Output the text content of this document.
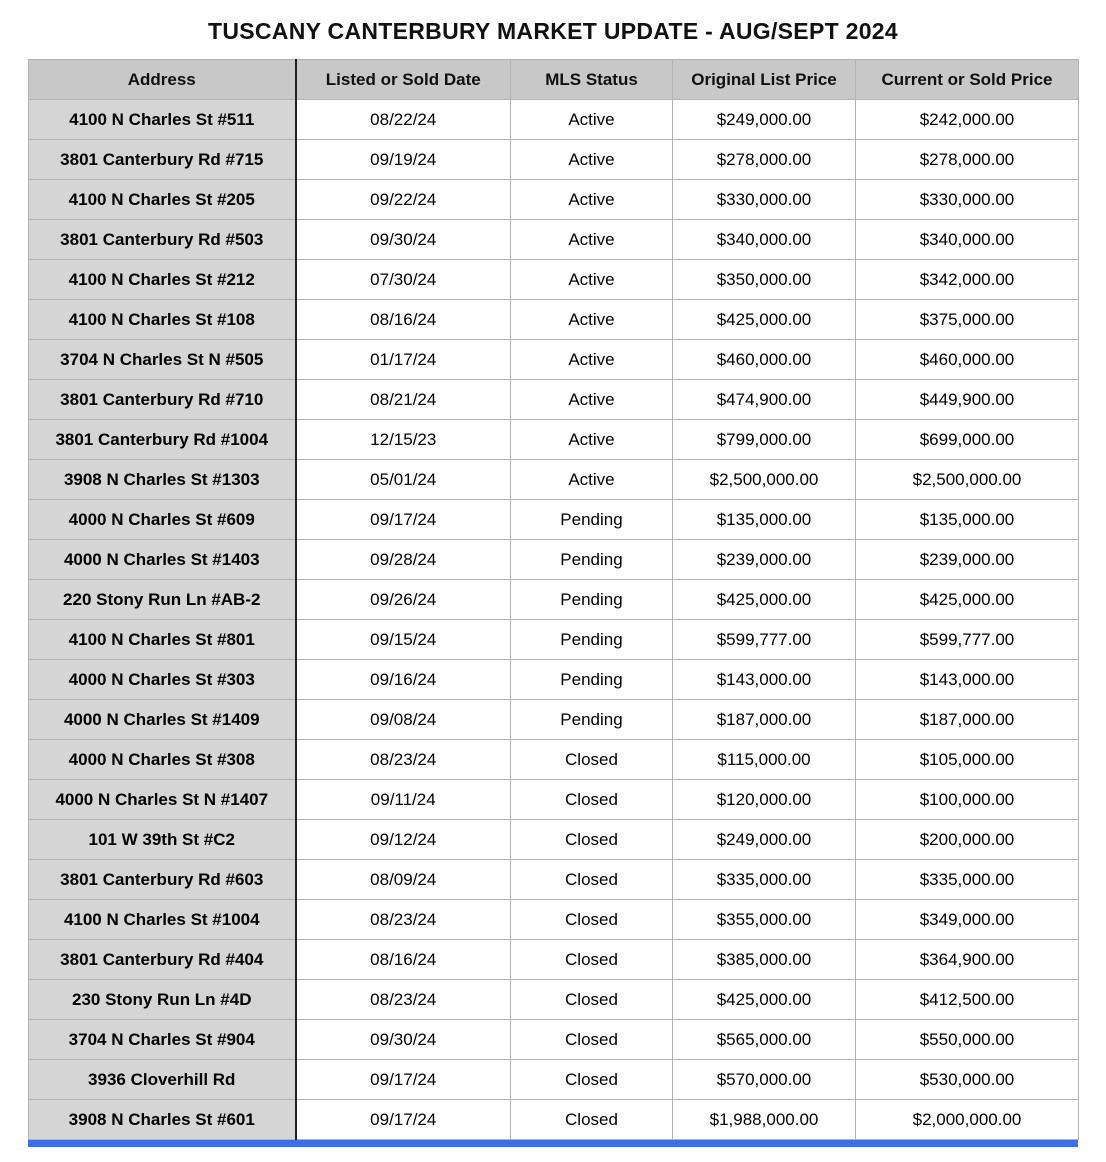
TUSCANY CANTERBURY MARKET UPDATE - AUG/SEPT 2024
Address	Listed or Sold Date	MLS Status	Original List Price	Current or Sold Price
4100 N Charles St #511	08/22/24	Active	$249,000.00	$242,000.00
3801 Canterbury Rd #715	09/19/24	Active	$278,000.00	$278,000.00
4100 N Charles St #205	09/22/24	Active	$330,000.00	$330,000.00
3801 Canterbury Rd #503	09/30/24	Active	$340,000.00	$340,000.00
4100 N Charles St #212	07/30/24	Active	$350,000.00	$342,000.00
4100 N Charles St #108	08/16/24	Active	$425,000.00	$375,000.00
3704 N Charles St N #505	01/17/24	Active	$460,000.00	$460,000.00
3801 Canterbury Rd #710	08/21/24	Active	$474,900.00	$449,900.00
3801 Canterbury Rd #1004	12/15/23	Active	$799,000.00	$699,000.00
3908 N Charles St #1303	05/01/24	Active	$2,500,000.00	$2,500,000.00
4000 N Charles St #609	09/17/24	Pending	$135,000.00	$135,000.00
4000 N Charles St #1403	09/28/24	Pending	$239,000.00	$239,000.00
220 Stony Run Ln #AB-2	09/26/24	Pending	$425,000.00	$425,000.00
4100 N Charles St #801	09/15/24	Pending	$599,777.00	$599,777.00
4000 N Charles St #303	09/16/24	Pending	$143,000.00	$143,000.00
4000 N Charles St #1409	09/08/24	Pending	$187,000.00	$187,000.00
4000 N Charles St #308	08/23/24	Closed	$115,000.00	$105,000.00
4000 N Charles St N #1407	09/11/24	Closed	$120,000.00	$100,000.00
101 W 39th St #C2	09/12/24	Closed	$249,000.00	$200,000.00
3801 Canterbury Rd #603	08/09/24	Closed	$335,000.00	$335,000.00
4100 N Charles St #1004	08/23/24	Closed	$355,000.00	$349,000.00
3801 Canterbury Rd #404	08/16/24	Closed	$385,000.00	$364,900.00
230 Stony Run Ln #4D	08/23/24	Closed	$425,000.00	$412,500.00
3704 N Charles St #904	09/30/24	Closed	$565,000.00	$550,000.00
3936 Cloverhill Rd	09/17/24	Closed	$570,000.00	$530,000.00
3908 N Charles St #601	09/17/24	Closed	$1,988,000.00	$2,000,000.00
